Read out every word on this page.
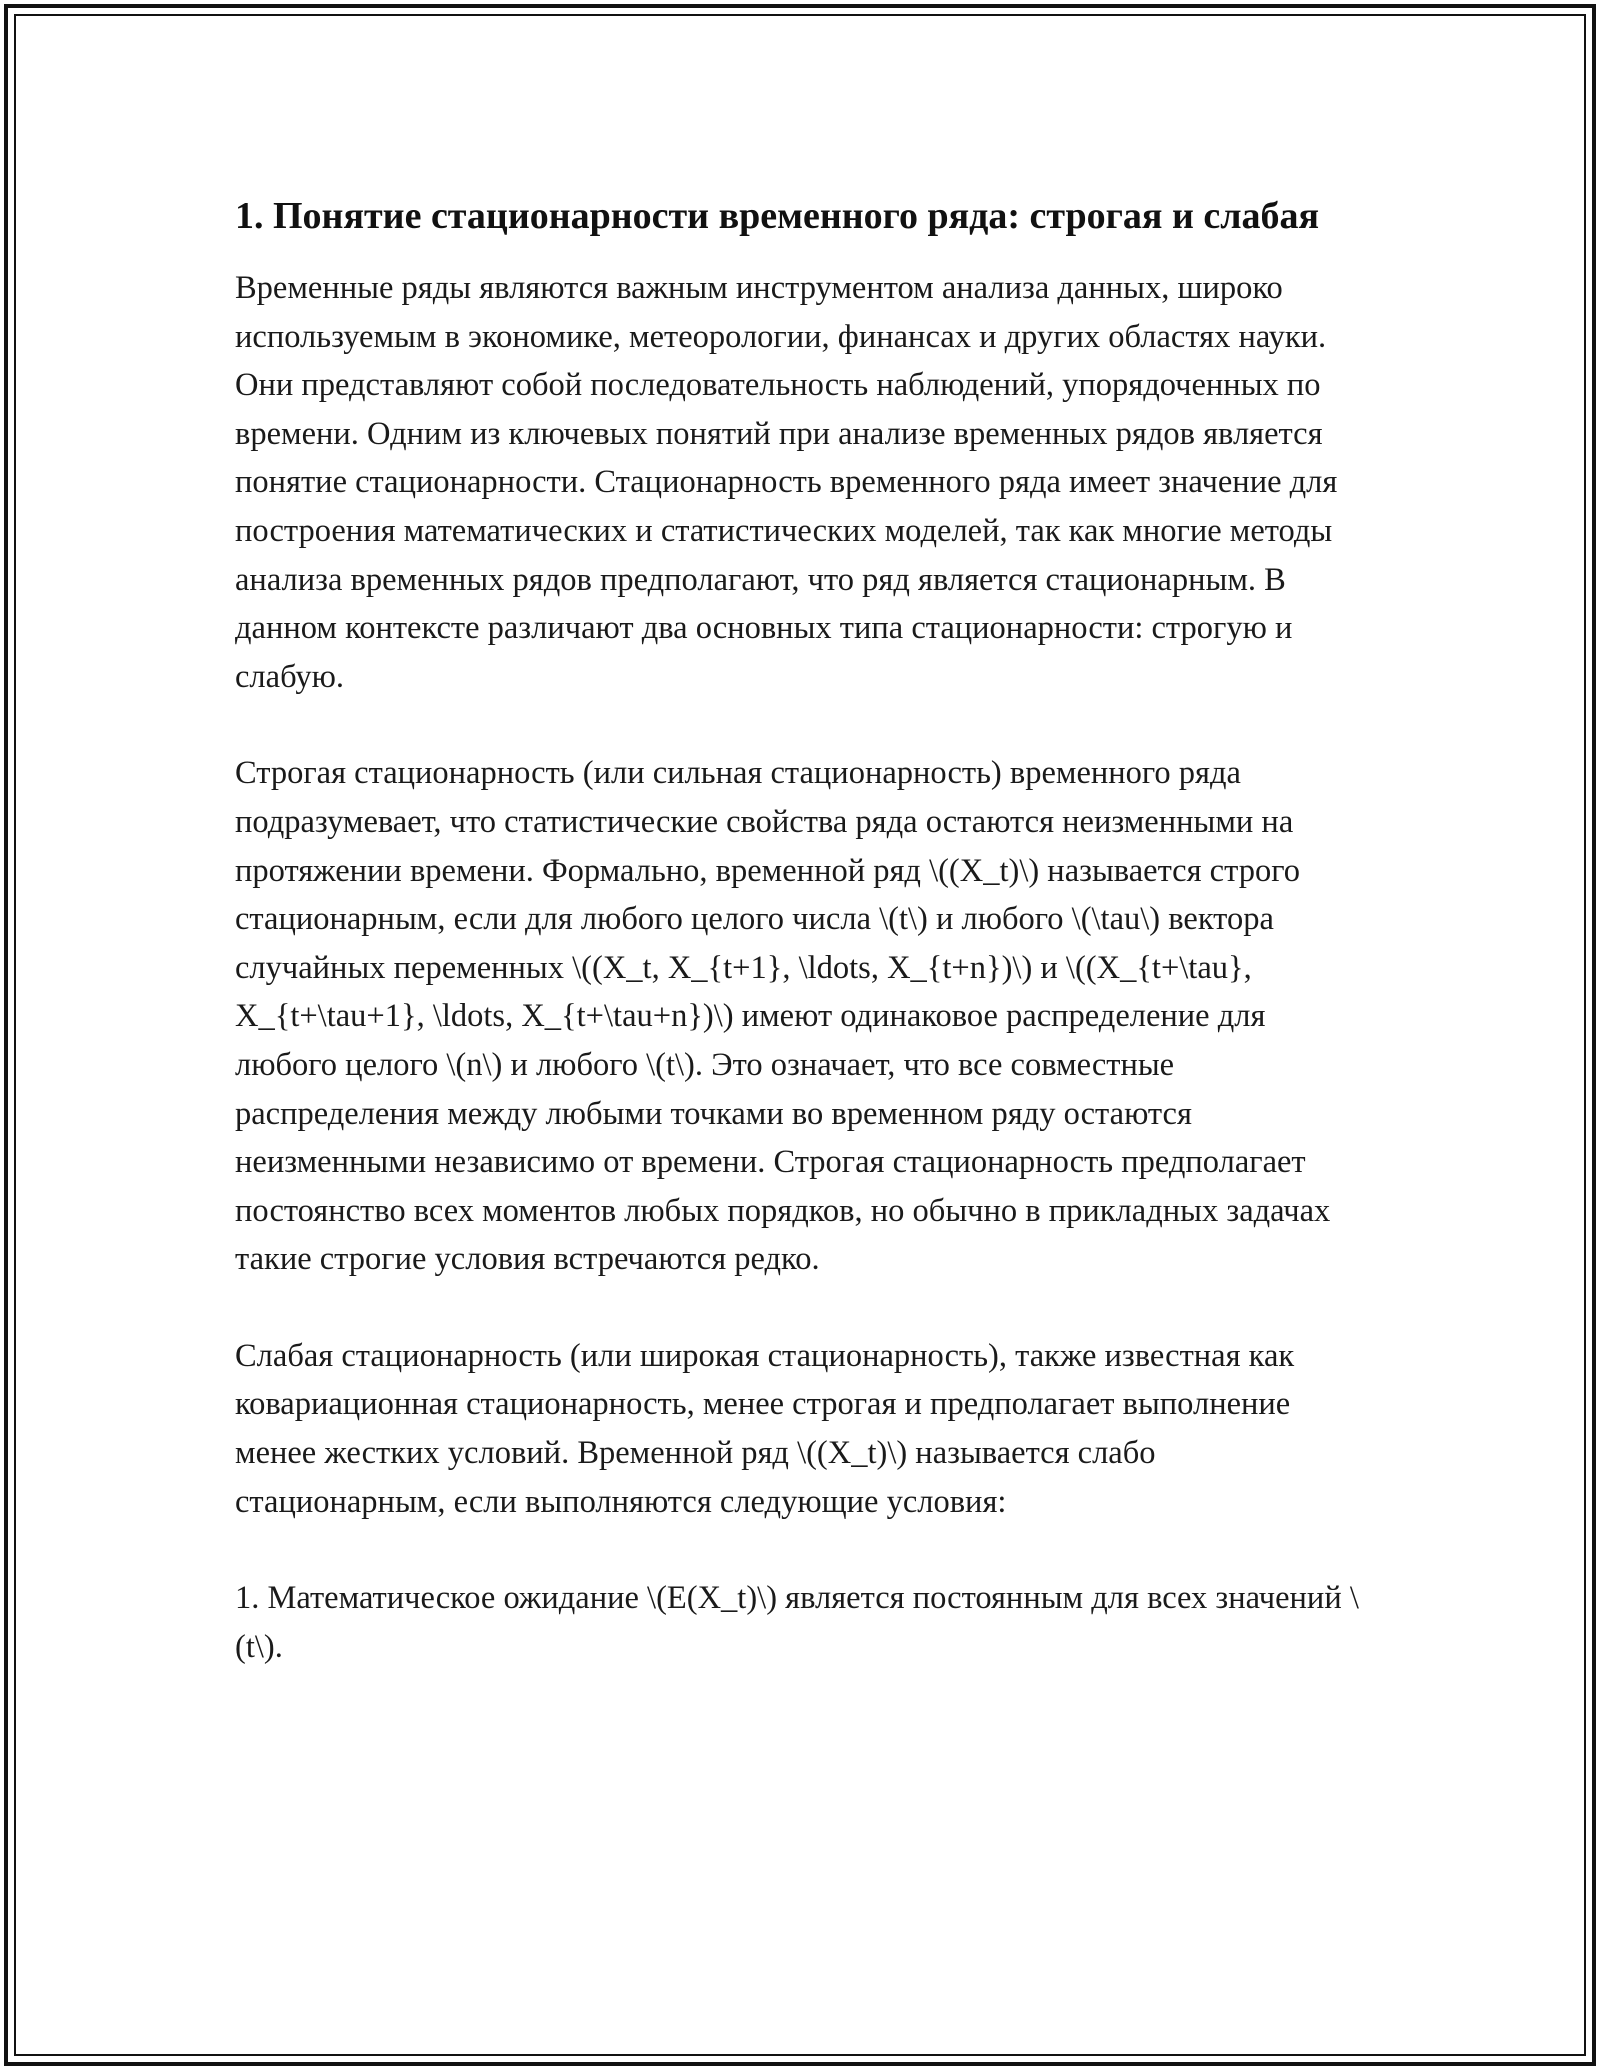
1. Понятие стационарности временного ряда: строгая и слабая

Временные ряды являются важным инструментом анализа данных, широко используемым в экономике, метеорологии, финансах и других областях науки. Они представляют собой последовательность наблюдений, упорядоченных по времени. Одним из ключевых понятий при анализе временных рядов является понятие стационарности. Стационарность временного ряда имеет значение для построения математических и статистических моделей, так как многие методы анализа временных рядов предполагают, что ряд является стационарным. В данном контексте различают два основных типа стационарности: строгую и слабую.

Строгая стационарность (или сильная стационарность) временного ряда подразумевает, что статистические свойства ряда остаются неизменными на протяжении времени. Формально, временной ряд \((X_t)\) называется строго стационарным, если для любого целого числа \(t\) и любого \(\tau\) вектора случайных переменных \((X_t, X_{t+1}, \ldots, X_{t+n})\) и \((X_{t+\tau}, X_{t+\tau+1}, \ldots, X_{t+\tau+n})\) имеют одинаковое распределение для любого целого \(n\) и любого \(t\). Это означает, что все совместные распределения между любыми точками во временном ряду остаются неизменными независимо от времени. Строгая стационарность предполагает постоянство всех моментов любых порядков, но обычно в прикладных задачах такие строгие условия встречаются редко.

Слабая стационарность (или широкая стационарность), также известная как ковариационная стационарность, менее строгая и предполагает выполнение менее жестких условий. Временной ряд \((X_t)\) называется слабо стационарным, если выполняются следующие условия:

1. Математическое ожидание \(E(X_t)\) является постоянным для всех значений \(t\).
